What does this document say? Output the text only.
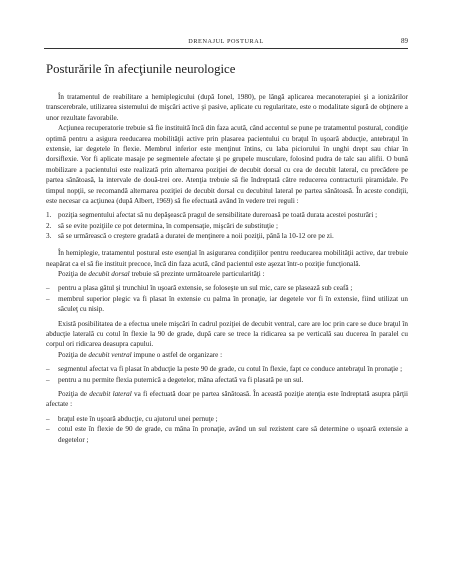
DRENAJUL POSTURAL	89
Posturările în afecţiunile neurologice

În tratamentul de reabilitare a hemiplegicului (după Ionel, 1980), pe lângă aplicarea mecanoterapiei şi a ionizărilor transcerebrale, utilizarea sistemului de mişcări active şi pasive, aplicate cu regularitate, este o modalitate sigură de obţinere a unor rezultate favorabile.

Acţiunea recuperatorie trebuie să fie instituită încă din faza acută, când accentul se pune pe tratamentul postural, condiţie optimă pentru a asigura reeducarea mobilităţii active prin plasarea pacientului cu braţul în uşoară abducţie, antebraţul în extensie, iar degetele în flexie. Membrul inferior este menţinut întins, cu laba piciorului în unghi drept sau chiar în dorsiflexie. Vor fi aplicate masaje pe segmentele afectate şi pe grupele musculare, folosind pudra de talc sau alifii. O bună mobilizare a pacientului este realizată prin alternarea poziţiei de decubit dorsal cu cea de decubit lateral, cu precădere pe partea sănătoasă, la intervale de două-trei ore. Atenţia trebuie să fie îndreptată către reducerea contracturii piramidale. Pe timpul nopţii, se recomandă alternarea poziţiei de decubit dorsal cu decubitul lateral pe partea sănătoasă. În aceste condiţii, este necesar ca acţiunea (după Albert, 1969) să fie efectuată având în vedere trei reguli :

1. poziţia segmentului afectat să nu depăşească pragul de sensibilitate dureroasă pe toată durata acestei posturări ;
2. să se evite poziţiile ce pot determina, în compensaţie, mişcări de substituţie ;
3. să se urmărească o creştere gradată a duratei de menţinere a noii poziţii, până la 10-12 ore pe zi.

În hemiplegie, tratamentul postural este esenţial în asigurarea condiţiilor pentru reeducarea mobilităţii active, dar trebuie neapărat ca el să fie instituit precoce, încă din faza acută, când pacientul este aşezat într-o poziţie funcţională.

Poziţia de decubit dorsal trebuie să prezinte următoarele particularităţi :

– pentru a plasa gâtul şi trunchiul în uşoară extensie, se foloseşte un sul mic, care se plasează sub ceafă ;
– membrul superior plegic va fi plasat în extensie cu palma în pronaţie, iar degetele vor fi în extensie, fiind utilizat un săculeţ cu nisip.

Există posibilitatea de a efectua unele mişcări în cadrul poziţiei de decubit ventral, care are loc prin care se duce braţul în abducţie laterală cu cotul în flexie la 90 de grade, după care se trece la ridicarea sa pe verticală sau ducerea în paralel cu corpul ori ridicarea deasupra capului.

Poziţia de decubit ventral impune o astfel de organizare :

– segmentul afectat va fi plasat în abducţie la peste 90 de grade, cu cotul în flexie, fapt ce conduce antebraţul în pronaţie ;
– pentru a nu permite flexia puternică a degetelor, mâna afectată va fi plasată pe un sul.

Poziţia de decubit lateral va fi efectuată doar pe partea sănătoasă. În această poziţie atenţia este îndreptată asupra părţii afectate :

– braţul este în uşoară abducţie, cu ajutorul unei pernuţe ;
– cotul este în flexie de 90 de grade, cu mâna în pronaţie, având un sul rezistent care să determine o uşoară extensie a degetelor ;
